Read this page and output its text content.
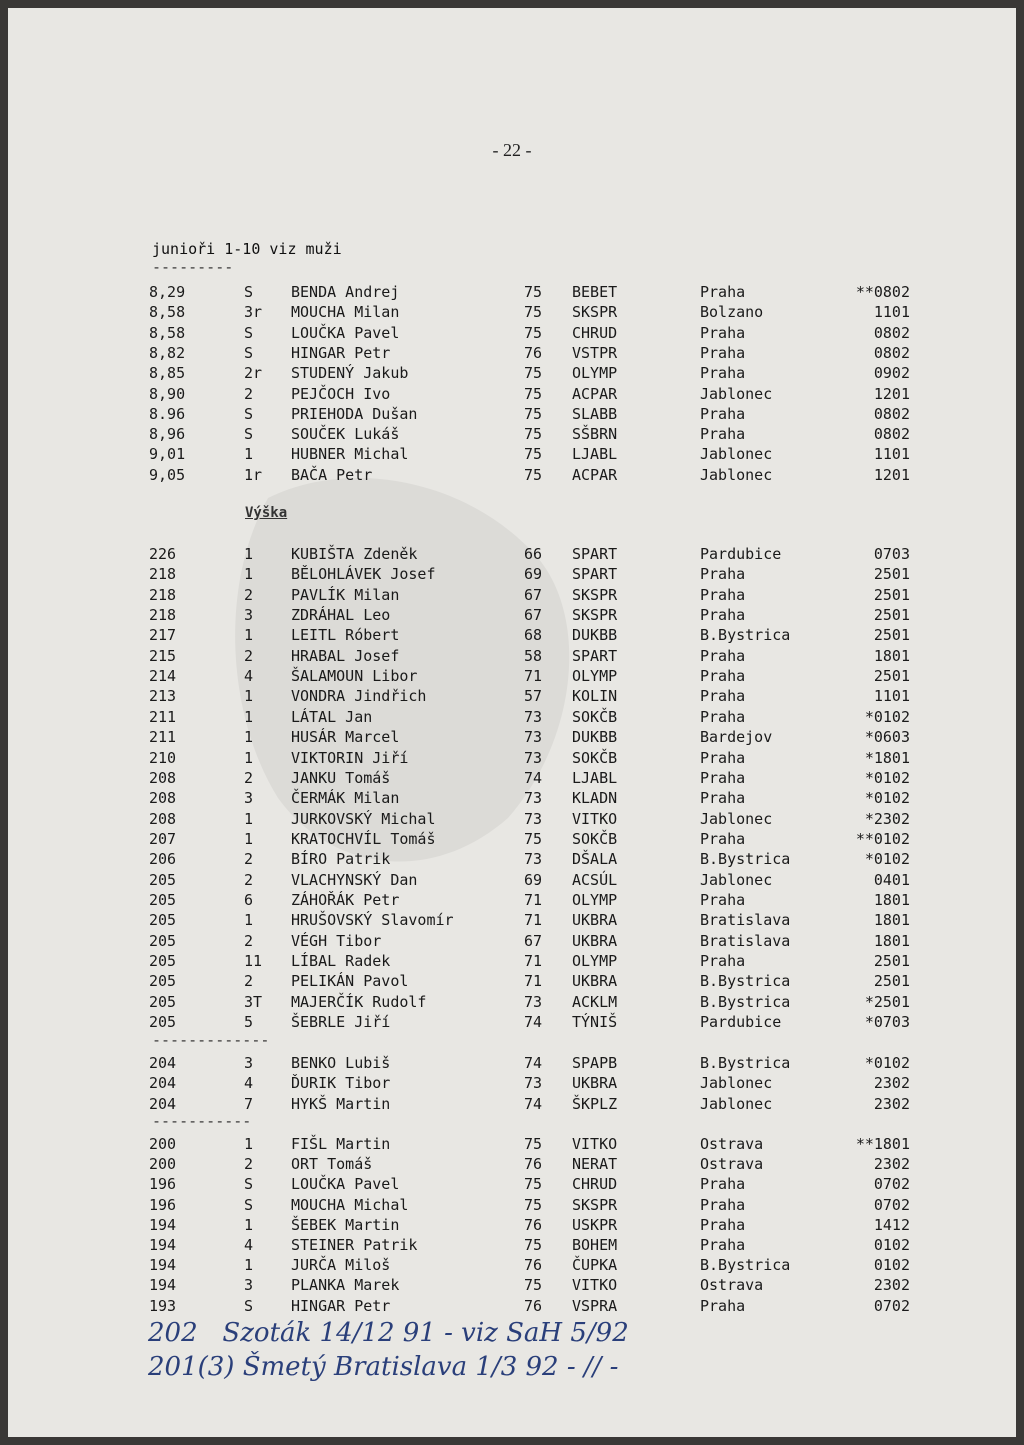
- 22 -
junioři 1-10 viz muži
---------
8,29	S	BENDA Andrej	75 BEBET	Praha	**0802
8,58	3r MOUCHA Milan	75 SKSPR	Bolzano	1101
8,58	S	LOUČKA Pavel	75 CHRUD	Praha	0802
8,82	S	HINGAR Petr	76 VSTPR	Praha	0802
8,85	2r STUDENÝ Jakub	75 OLYMP	Praha	0902
8,90	2	PEJČOCH Ivo	75 ACPAR	Jablonec	1201
8.96	S	PRIEHODA Dušan	75 SLABB	Praha	0802
8,96	S	SOUČEK Lukáš	75 SŠBRN	Praha	0802
9,01	1	HUBNER Michal	75 LJABL	Jablonec	1101
9,05	1r BAČA Petr	75 ACPAR	Jablonec	1201
Výška
226	1	KUBIŠTA Zdeněk	66 SPART	Pardubice	0703
218	1	BĚLOHLÁVEK Josef	69 SPART	Praha	2501
218	2	PAVLÍK Milan	67 SKSPR	Praha	2501
218	3	ZDRÁHAL Leo	67 SKSPR	Praha	2501
217	1	LEITL Róbert	68 DUKBB	B.Bystrica	2501
215	2	HRABAL Josef	58 SPART	Praha	1801
214	4	ŠALAMOUN Libor	71 OLYMP	Praha	2501
213	1	VONDRA Jindřich	57 KOLIN	Praha	1101
211	1	LÁTAL Jan	73 SOKČB	Praha	*0102
211	1	HUSÁR Marcel	73 DUKBB	Bardejov	*0603
210	1	VIKTORIN Jiří	73 SOKČB	Praha	*1801
208	2	JANKU Tomáš	74 LJABL	Praha	*0102
208	3	ČERMÁK Milan	73 KLADN	Praha	*0102
208	1	JURKOVSKÝ Michal	73 VITKO	Jablonec	*2302
207	1	KRATOCHVÍL Tomáš	75 SOKČB	Praha	**0102
206	2	BÍRO Patrik	73 DŠALA	B.Bystrica	*0102
205	2	VLACHYNSKÝ Dan	69 ACSÚL	Jablonec	0401
205	6	ZÁHOŘÁK Petr	71 OLYMP	Praha	1801
205	1	HRUŠOVSKÝ Slavomír	71 UKBRA	Bratislava	1801
205	2	VÉGH Tibor	67 UKBRA	Bratislava	1801
205	11 LÍBAL Radek	71 OLYMP	Praha	2501
205	2	PELIKÁN Pavol	71 UKBRA	B.Bystrica	2501
205	3T MAJERČÍK Rudolf	73 ACKLM	B.Bystrica	*2501
205	5	ŠEBRLE Jiří	74 TÝNIŠ	Pardubice	*0703
-------------
204	3	BENKO Lubiš	74 SPAPB	B.Bystrica	*0102
204	4	ĎURIK Tibor	73 UKBRA	Jablonec	2302
204	7	HYKŠ Martin	74 ŠKPLZ	Jablonec	2302
-----------
200	1	FIŠL Martin	75 VITKO	Ostrava	**1801
200	2	ORT Tomáš	76 NERAT	Ostrava	2302
196	S	LOUČKA Pavel	75 CHRUD	Praha	0702
196	S	MOUCHA Michal	75 SKSPR	Praha	0702
194	1	ŠEBEK Martin	76 USKPR	Praha	1412
194	4	STEINER Patrik	75 BOHEM	Praha	0102
194	1	JURČA Miloš	76 ČUPKA	B.Bystrica	0102
194	3	PLANKA Marek	75 VITKO	Ostrava	2302
193	S	HINGAR Petr	76 VSPRA	Praha	0702
202   Szoták 14/12 91 - viz SaH 5/92
201(3) Šmetý Bratislava 1/3 92 - // -
